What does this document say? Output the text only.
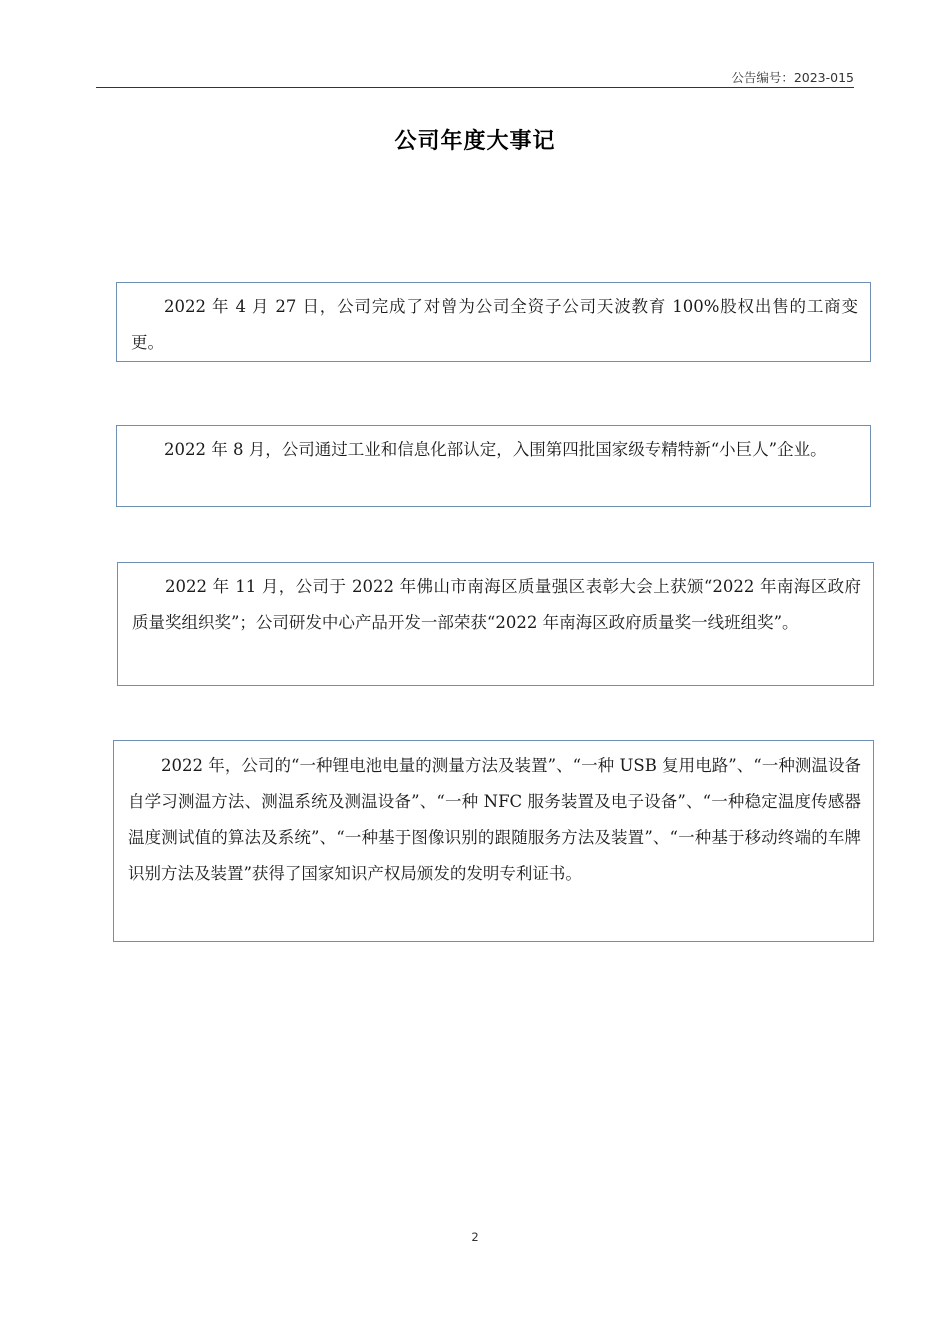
公告编号：2023-015
公司年度大事记
2022 年 4 月 27 日，公司完成了对曾为公司全资子公司天波教育 100%股权出售的工商变更。
2022 年 8 月，公司通过工业和信息化部认定，入围第四批国家级专精特新“小巨人”企业。
2022 年 11 月，公司于 2022 年佛山市南海区质量强区表彰大会上获颁“2022 年南海区政府质量奖组织奖”；公司研发中心产品开发一部荣获“2022 年南海区政府质量奖一线班组奖”。
2022 年，公司的“一种锂电池电量的测量方法及装置”、“一种 USB 复用电路”、“一种测温设备自学习测温方法、测温系统及测温设备”、“一种 NFC 服务装置及电子设备”、“一种稳定温度传感器温度测试值的算法及系统”、“一种基于图像识别的跟随服务方法及装置”、“一种基于移动终端的车牌识别方法及装置”获得了国家知识产权局颁发的发明专利证书。
2
